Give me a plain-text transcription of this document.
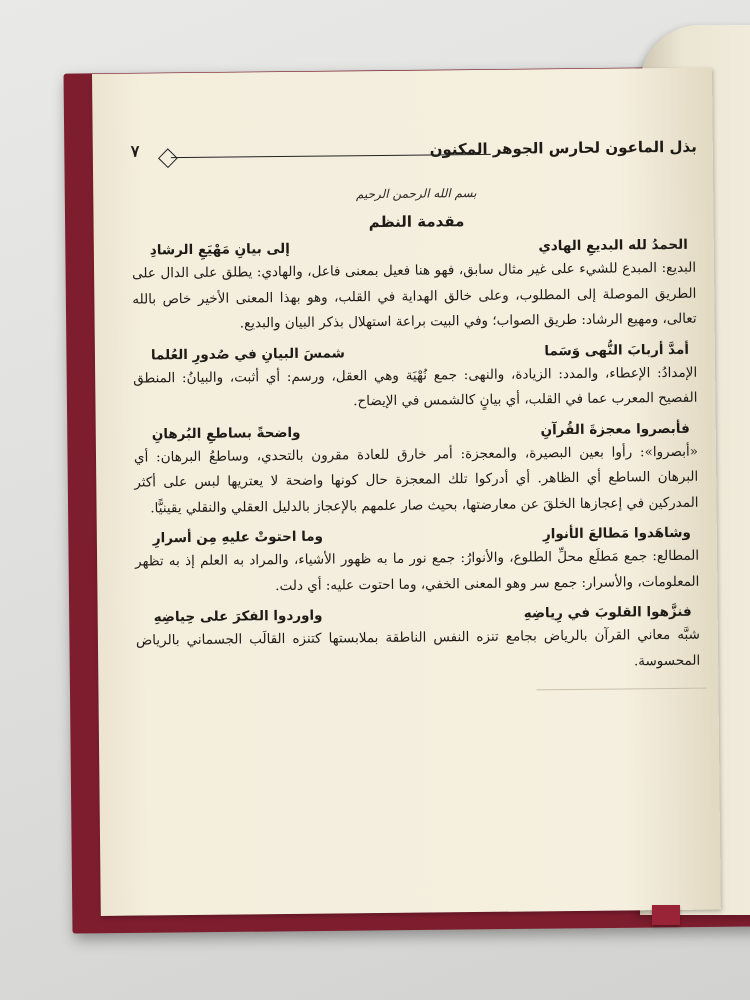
بذل الماعون لحارس الجوهر المكنون
٧
بسم الله الرحمن الرحيم
مقدمة النظم
الحمدُ لله البديعِ الهادي
إلى بيانِ مَهْيَعِ الرشادِ
البديع: المبدع للشيء على غير مثال سابق، فهو هنا فعيل بمعنى فاعل، والهادي: يطلق على الدال على الطريق الموصلة إلى المطلوب، وعلى خالق الهداية في القلب، وهو بهذا المعنى الأخير خاص بالله تعالى، ومهيع الرشاد: طريق الصواب؛ وفي البيت براعة استهلال بذكر البيان والبديع.
أمدَّ أربابَ النُّهى وَسَما
شمسَ البيانِ في صُدورِ العُلما
الإمدادُ: الإعطاء، والمدد: الزيادة، والنهى: جمع نُهْيَة وهي العقل، ورسم: أي أثبت، والبيانُ: المنطق الفصيح المعرب عما في القلب، أي بيانٍ كالشمس في الإيضاح.
فأبصروا معجزةَ القُرآنِ
واضحةً بساطعِ البُرهانِ
«أبصروا»: رأوا بعين البصيرة، والمعجزة: أمر خارق للعادة مقرون بالتحدي، وساطعُ البرهان: أي البرهان الساطع أي الظاهر. أي أدركوا تلك المعجزة حال كونها واضحة لا يعتريها لبس على أكثر المدركين في إعجازها الخلقَ عن معارضتها، بحيث صار علمهم بالإعجاز بالدليل العقلي والنقلي يقينيًّا.
وشاهَدوا مَطالعَ الأنوارِ
وما احتوتْ عليهِ مِن أسرارِ
المطالع: جمع مَطلَع محلِّ الطلوع، والأنوارُ: جمع نور ما به ظهور الأشياء، والمراد به العلم إذ به تظهر المعلومات، والأسرار: جمع سر وهو المعنى الخفي، وما احتوت عليه: أي دلت.
فنزَّهوا القلوبَ في رِياضِهِ
واوردوا الفكرَ على حِياضِهِ
شبَّه معاني القرآن بالرياض بجامع تنزه النفس الناطقة بملابستها كتنزه القالَب الجسماني بالرياض المحسوسة.
